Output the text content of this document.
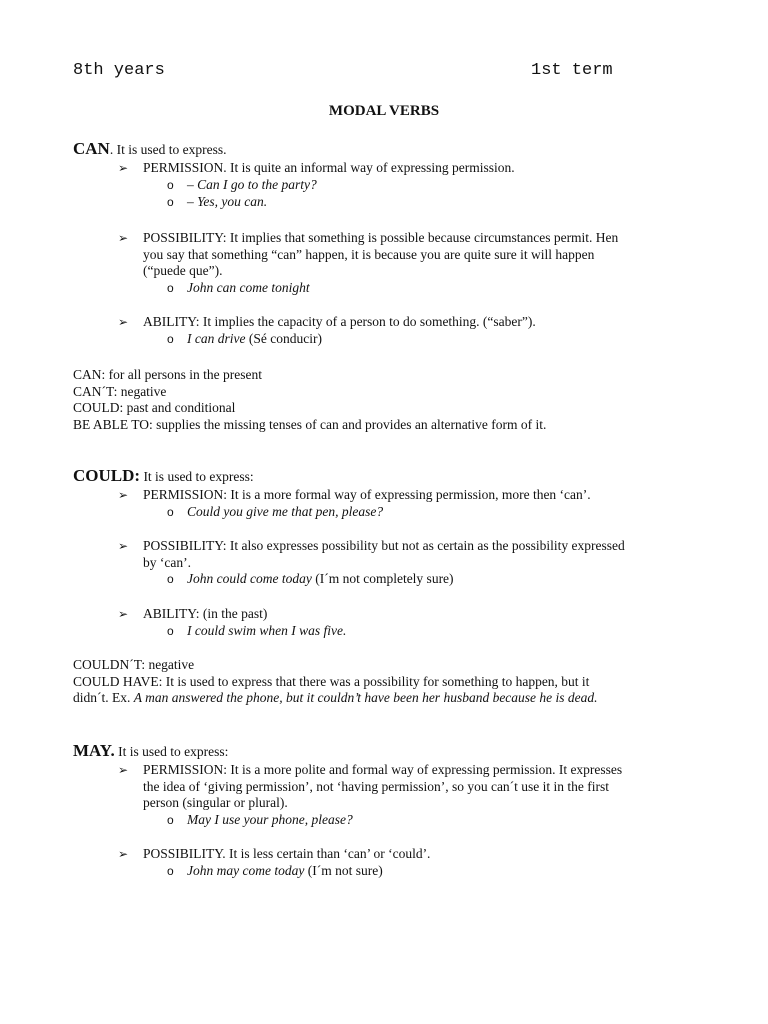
8th years	1st term
MODAL VERBS
CAN. It is used to express.
➢ PERMISSION. It is quite an informal way of expressing permission.
o – Can I go to the party?
o – Yes, you can.
➢ POSSIBILITY: It implies that something is possible because circumstances permit. Hen
you say that something “can” happen, it is because you are quite sure it will happen
(“puede que”).
o John can come tonight
➢ ABILITY: It implies the capacity of a person to do something. (“saber”).
o I can drive (Sé conducir)
CAN: for all persons in the present
CAN´T: negative
COULD: past and conditional
BE ABLE TO: supplies the missing tenses of can and provides an alternative form of it.
COULD: It is used to express:
➢ PERMISSION: It is a more formal way of expressing permission, more then ‘can’.
o Could you give me that pen, please?
➢ POSSIBILITY: It also expresses possibility but not as certain as the possibility expressed
by ‘can’.
o John could come today (I´m not completely sure)
➢ ABILITY: (in the past)
o I could swim when I was five.
COULDN´T: negative
COULD HAVE: It is used to express that there was a possibility for something to happen, but it
didn´t. Ex. A man answered the phone, but it couldn’t have been her husband because he is dead.
MAY. It is used to express:
➢ PERMISSION: It is a more polite and formal way of expressing permission. It expresses
the idea of ‘giving permission’, not ‘having permission’, so you can´t use it in the first
person (singular or plural).
o May I use your phone, please?
➢ POSSIBILITY. It is less certain than ‘can’ or ‘could’.
o John may come today (I´m not sure)
